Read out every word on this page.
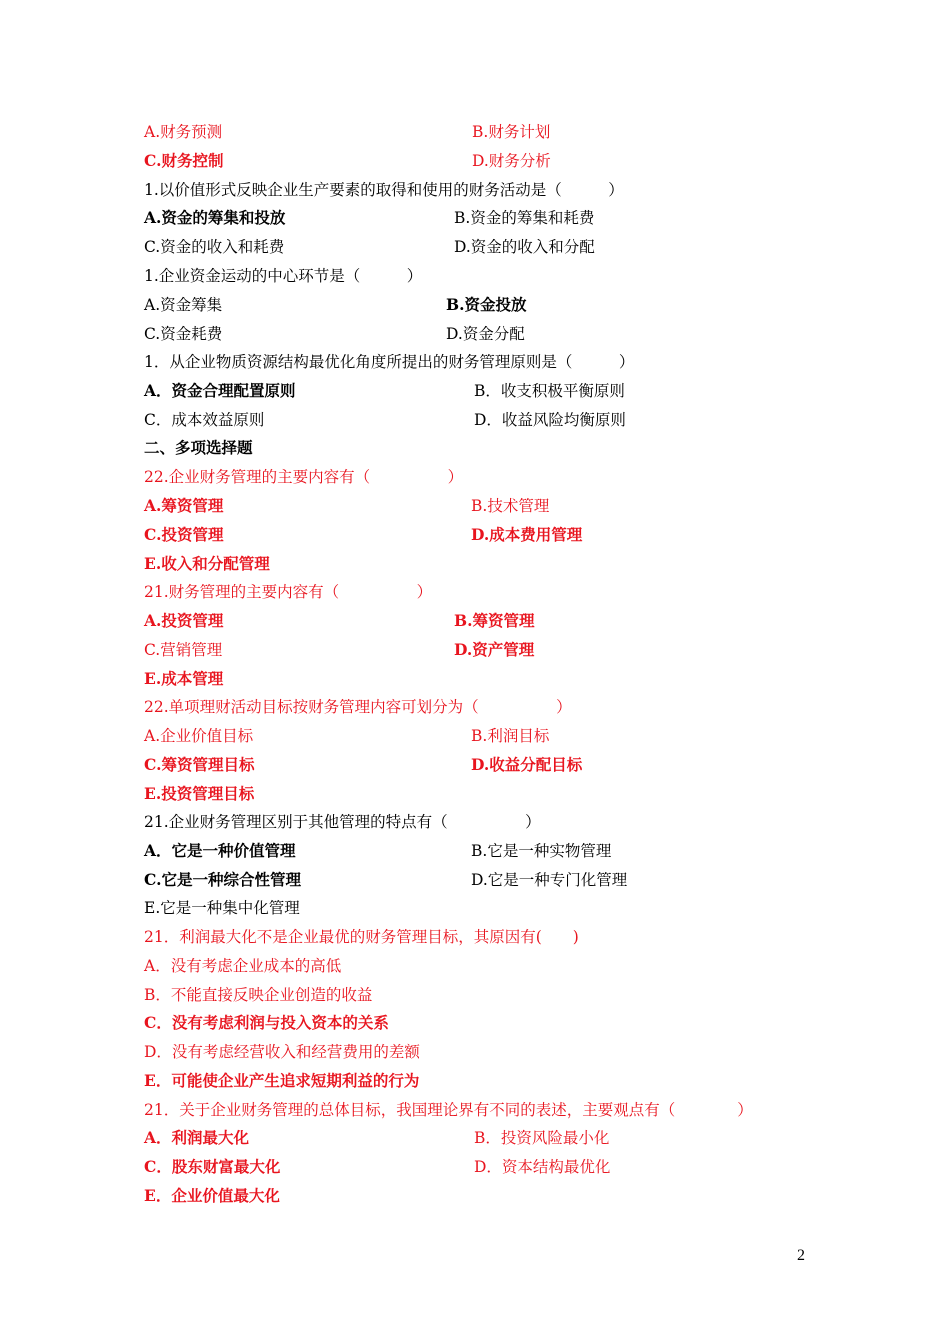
A.财务预测	B.财务计划
C.财务控制	D.财务分析
1.以价值形式反映企业生产要素的取得和使用的财务活动是（　　　）
A.资金的筹集和投放	B.资金的筹集和耗费
C.资金的收入和耗费	D.资金的收入和分配
1.企业资金运动的中心环节是（　　　）
A.资金筹集	B.资金投放
C.资金耗费	D.资金分配
1．从企业物质资源结构最优化角度所提出的财务管理原则是（　　　）
A．资金合理配置原则	B．收支积极平衡原则
C．成本效益原则	D．收益风险均衡原则
二、多项选择题
22.企业财务管理的主要内容有（　　　　　）
A.筹资管理	B.技术管理
C.投资管理	D.成本费用管理
E.收入和分配管理
21.财务管理的主要内容有（　　　　　）
A.投资管理	B.筹资管理
C.营销管理	D.资产管理
E.成本管理
22.单项理财活动目标按财务管理内容可划分为（　　　　　）
A.企业价值目标	B.利润目标
C.筹资管理目标	D.收益分配目标
E.投资管理目标
21.企业财务管理区别于其他管理的特点有（　　　　　）
A．它是一种价值管理	B.它是一种实物管理
C.它是一种综合性管理	D.它是一种专门化管理
E.它是一种集中化管理
21．利润最大化不是企业最优的财务管理目标，其原因有(　　)
A．没有考虑企业成本的高低
B．不能直接反映企业创造的收益
C．没有考虑利润与投入资本的关系
D．没有考虑经营收入和经营费用的差额
E．可能使企业产生追求短期利益的行为
21．关于企业财务管理的总体目标，我国理论界有不同的表述，主要观点有（　　　　）
A．利润最大化	B．投资风险最小化
C．股东财富最大化	D．资本结构最优化
E．企业价值最大化
2
